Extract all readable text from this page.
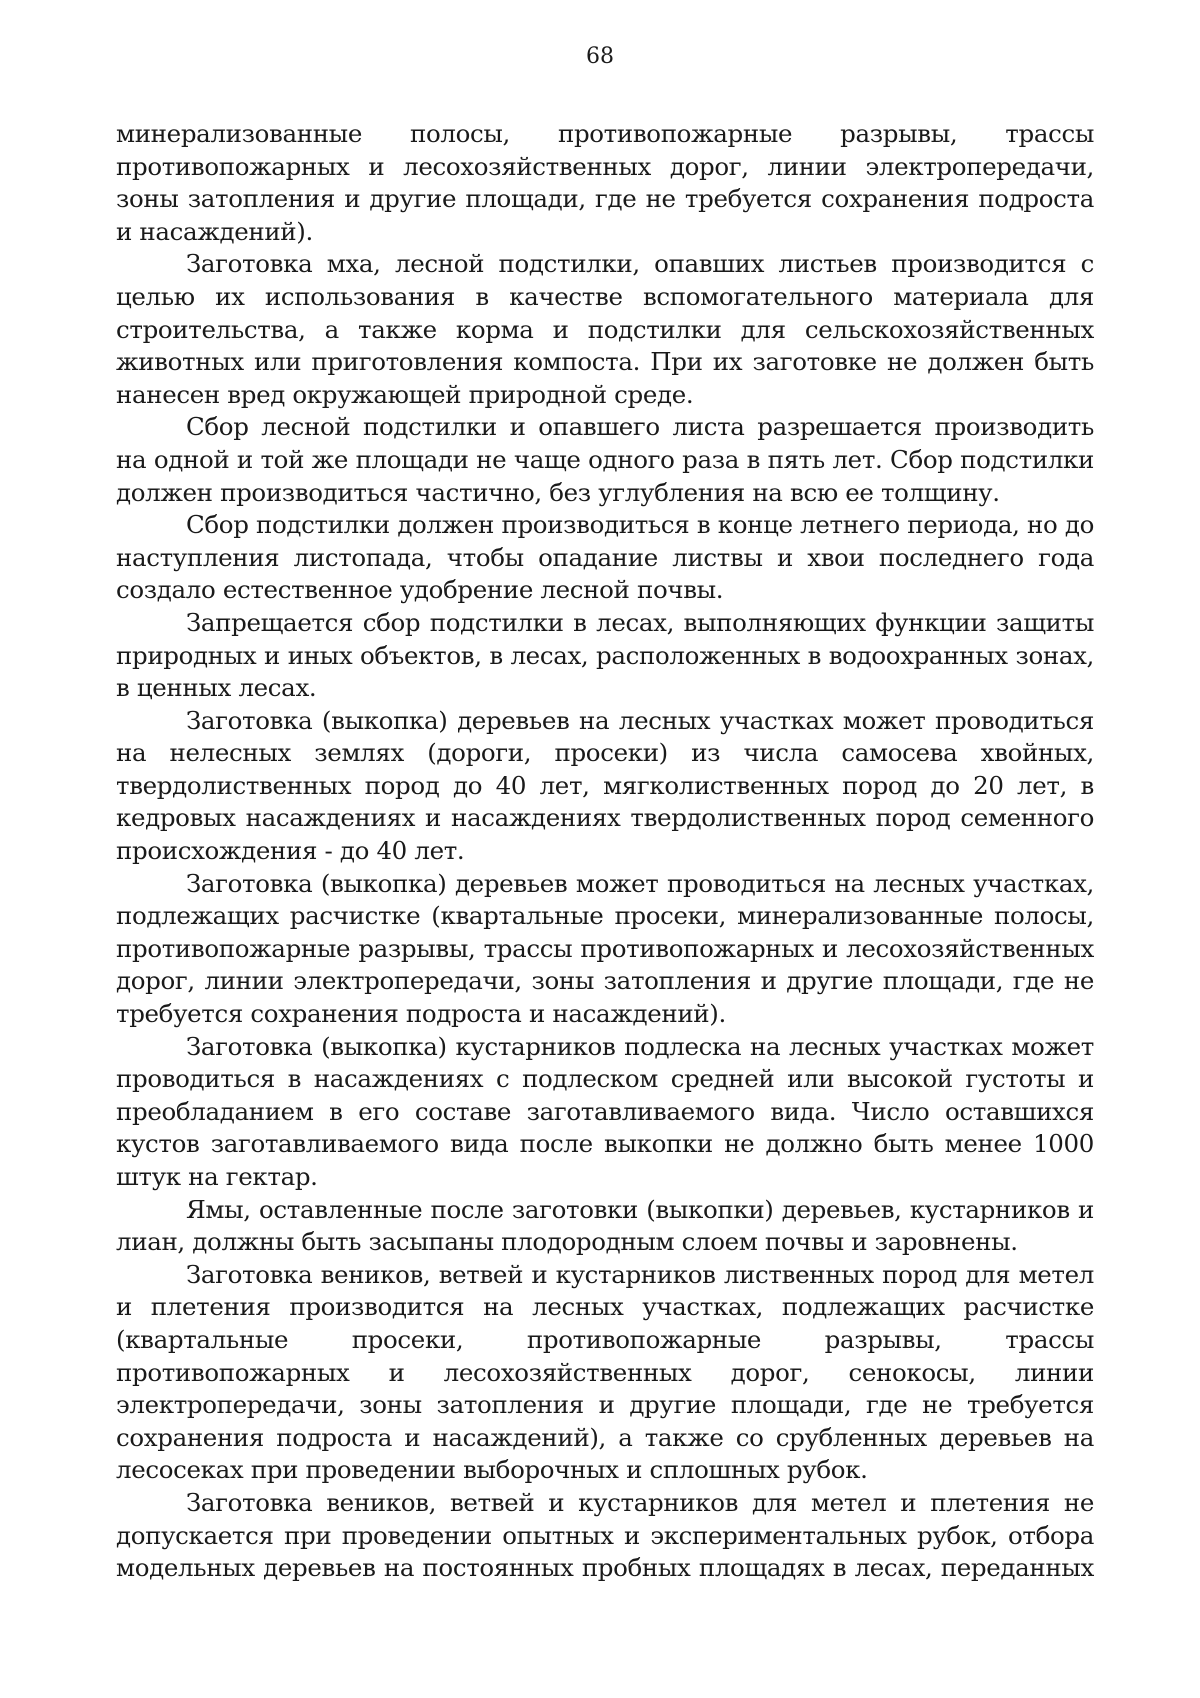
68

минерализованные полосы, противопожарные разрывы, трассы противопожарных и лесохозяйственных дорог, линии электропередачи, зоны затопления и другие площади, где не требуется сохранения подроста и насаждений).

Заготовка мха, лесной подстилки, опавших листьев производится с целью их использования в качестве вспомогательного материала для строительства, а также корма и подстилки для сельскохозяйственных животных или приготовления компоста. При их заготовке не должен быть нанесен вред окружающей природной среде.

Сбор лесной подстилки и опавшего листа разрешается производить на одной и той же площади не чаще одного раза в пять лет. Сбор подстилки должен производиться частично, без углубления на всю ее толщину.

Сбор подстилки должен производиться в конце летнего периода, но до наступления листопада, чтобы опадание листвы и хвои последнего года создало естественное удобрение лесной почвы.

Запрещается сбор подстилки в лесах, выполняющих функции защиты природных и иных объектов, в лесах, расположенных в водоохранных зонах, в ценных лесах.

Заготовка (выкопка) деревьев на лесных участках может проводиться на нелесных землях (дороги, просеки) из числа самосева хвойных, твердолиственных пород до 40 лет, мягколиственных пород до 20 лет, в кедровых насаждениях и насаждениях твердолиственных пород семенного происхождения - до 40 лет.

Заготовка (выкопка) деревьев может проводиться на лесных участках, подлежащих расчистке (квартальные просеки, минерализованные полосы, противопожарные разрывы, трассы противопожарных и лесохозяйственных дорог, линии электропередачи, зоны затопления и другие площади, где не требуется сохранения подроста и насаждений).

Заготовка (выкопка) кустарников подлеска на лесных участках может проводиться в насаждениях с подлеском средней или высокой густоты и преобладанием в его составе заготавливаемого вида. Число оставшихся кустов заготавливаемого вида после выкопки не должно быть менее 1000 штук на гектар.

Ямы, оставленные после заготовки (выкопки) деревьев, кустарников и лиан, должны быть засыпаны плодородным слоем почвы и заровнены.

Заготовка веников, ветвей и кустарников лиственных пород для метел и плетения производится на лесных участках, подлежащих расчистке (квартальные просеки, противопожарные разрывы, трассы противопожарных и лесохозяйственных дорог, сенокосы, линии электропередачи, зоны затопления и другие площади, где не требуется сохранения подроста и насаждений), а также со срубленных деревьев на лесосеках при проведении выборочных и сплошных рубок.

Заготовка веников, ветвей и кустарников для метел и плетения не допускается при проведении опытных и экспериментальных рубок, отбора модельных деревьев на постоянных пробных площадях в лесах, переданных
